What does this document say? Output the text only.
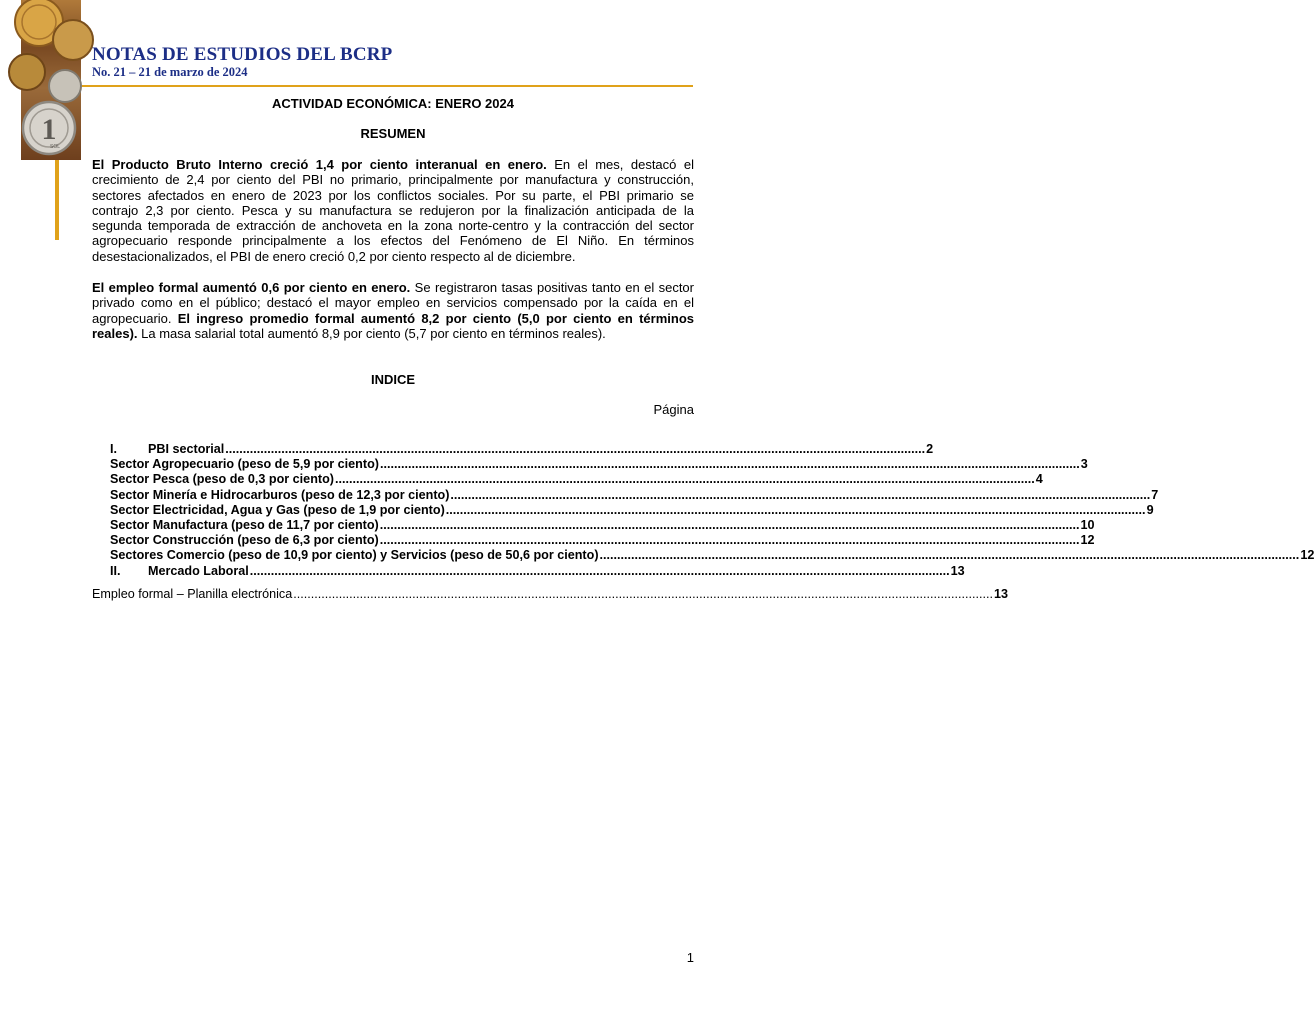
1
SOL
NOTAS DE ESTUDIOS DEL BCRP
No. 21 – 21 de marzo de 2024
ACTIVIDAD ECONÓMICA: ENERO 2024
RESUMEN
El Producto Bruto Interno creció 1,4 por ciento interanual en enero. En el mes, destacó el crecimiento de 2,4 por ciento del PBI no primario, principalmente por manufactura y construcción, sectores afectados en enero de 2023 por los conflictos sociales. Por su parte, el PBI primario se contrajo 2,3 por ciento. Pesca y su manufactura se redujeron por la finalización anticipada de la segunda temporada de extracción de anchoveta en la zona norte-centro y la contracción del sector agropecuario responde principalmente a los efectos del Fenómeno de El Niño. En términos desestacionalizados, el PBI de enero creció 0,2 por ciento respecto al de diciembre.
El empleo formal aumentó 0,6 por ciento en enero. Se registraron tasas positivas tanto en el sector privado como en el público; destacó el mayor empleo en servicios compensado por la caída en el agropecuario. El ingreso promedio formal aumentó 8,2 por ciento (5,0 por ciento en términos reales). La masa salarial total aumentó 8,9 por ciento (5,7 por ciento en términos reales).
INDICE
Página
I.	PBI sectorial ........................................................................................................................................................................................................ 2
Sector Agropecuario (peso de 5,9 por ciento) ........................................................................................................................................................................................................ 3
Sector Pesca (peso de 0,3 por ciento) ........................................................................................................................................................................................................ 4
Sector Minería e Hidrocarburos (peso de 12,3 por ciento) ........................................................................................................................................................................................................ 7
Sector Electricidad, Agua y Gas (peso de 1,9 por ciento) ........................................................................................................................................................................................................ 9
Sector Manufactura (peso de 11,7 por ciento) ........................................................................................................................................................................................................ 10
Sector Construcción (peso de 6,3 por ciento) ........................................................................................................................................................................................................ 12
Sectores Comercio (peso de 10,9 por ciento) y Servicios (peso de 50,6 por ciento) ........................................................................................................................................................................................................ 12
II.	Mercado Laboral ........................................................................................................................................................................................................ 13
Empleo formal – Planilla electrónica ........................................................................................................................................................................................................ 13
1
